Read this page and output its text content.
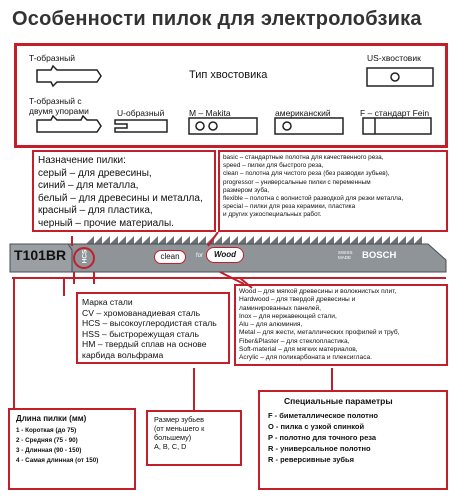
Особенности пилок для электролобзика
Тип хвостовика
T-образный	US-хвостовик
T-образный с
двумя упорами	U-образный	M – Makita	американский	F – стандарт Fein
Назначение пилки:
серый – для древесины,
синий – для металла,
белый – для древесины и металла,
красный – для пластика,
черный – прочие материалы.
basic – стандартные полотна для качественного реза,
speed – пилки для быстрого реза,
clean – полотна для чистого реза (без разводки зубьев),
progressor – универсальные пилки с переменным
размером зуба,
flexible – полотна с волнистой разводкой для резки металла,
special – пилки для реза керамики, пластика
и других узкоспециальных работ.
T101BR HCS	clean	for	Wood	SWISS
MADE BOSCH
Wood – для мягкой древесины и волокнистых плит,
Hardwood – для твердой древесины и
ламинированных панелей,
Inox – для нержавеющей стали,
Alu – для алюминия,
Metal – для жести, металлических профилей и труб,
Fiber&Plaster – для стеклопластика,
Soft-material – для мягких материалов,
Acrylic – для поликарбоната и плексигласа.
Марка стали
CV – хромованадиевая сталь
HCS – высокоуглеродистая сталь
HSS – быстрорежущая сталь
HM – твердый сплав на основе
карбида вольфрама
Длина пилки (мм)
1 - Короткая (до 75)
2 - Средняя (75 - 90)
3 - Длинная (90 - 150)
4 - Самая длинная (от 150)
Размер зубьев
(от меньшего к
большему)
A, B, C, D
Специальные параметры
F - биметаллическое полотно
O - пилка с узкой спинкой
P - полотно для точного реза
R - универсальное полотно
R - реверсивные зубья
